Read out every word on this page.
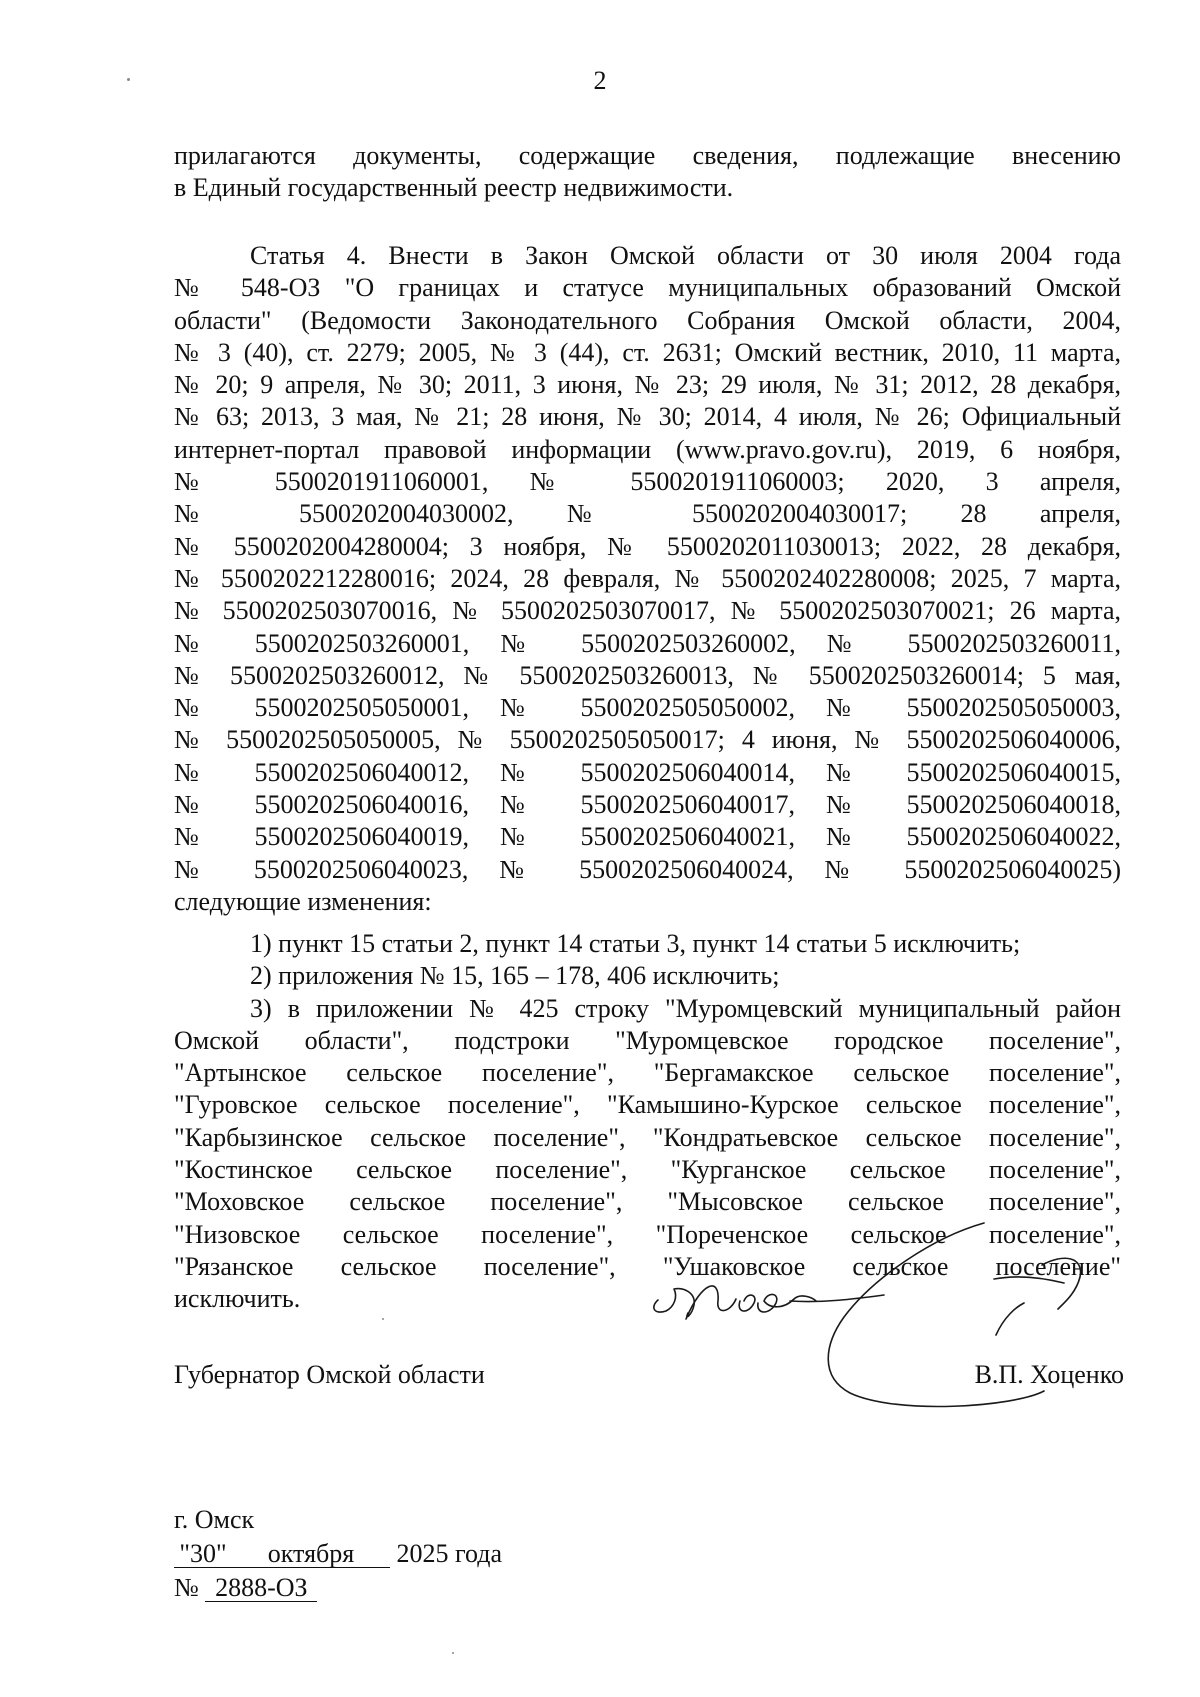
2
прилагаются документы, содержащие сведения, подлежащие внесению
в Единый государственный реестр недвижимости.
Статья 4. Внести в Закон Омской области от 30 июля 2004 года
№ 548-ОЗ "О границах и статусе муниципальных образований Омской
области" (Ведомости Законодательного Собрания Омской области, 2004,
№ 3 (40), ст. 2279; 2005, № 3 (44), ст. 2631; Омский вестник, 2010, 11 марта,
№ 20; 9 апреля, № 30; 2011, 3 июня, № 23; 29 июля, № 31; 2012, 28 декабря,
№ 63; 2013, 3 мая, № 21; 28 июня, № 30; 2014, 4 июля, № 26; Официальный
интернет-портал правовой информации (www.pravo.gov.ru), 2019, 6 ноября,
№ 5500201911060001, № 5500201911060003; 2020, 3 апреля,
№ 5500202004030002, № 5500202004030017; 28 апреля,
№ 5500202004280004; 3 ноября, № 5500202011030013; 2022, 28 декабря,
№ 5500202212280016; 2024, 28 февраля, № 5500202402280008; 2025, 7 марта,
№ 5500202503070016, № 5500202503070017, № 5500202503070021; 26 марта,
№ 5500202503260001, № 5500202503260002, № 5500202503260011,
№ 5500202503260012, № 5500202503260013, № 5500202503260014; 5 мая,
№ 5500202505050001, № 5500202505050002, № 5500202505050003,
№ 5500202505050005, № 5500202505050017; 4 июня, № 5500202506040006,
№ 5500202506040012, № 5500202506040014, № 5500202506040015,
№ 5500202506040016, № 5500202506040017, № 5500202506040018,
№ 5500202506040019, № 5500202506040021, № 5500202506040022,
№ 5500202506040023, № 5500202506040024, № 5500202506040025)
следующие изменения:
1) пункт 15 статьи 2, пункт 14 статьи 3, пункт 14 статьи 5 исключить;
2) приложения № 15, 165 – 178, 406 исключить;
3) в приложении № 425 строку "Муромцевский муниципальный район
Омской области", подстроки "Муромцевское городское поселение",
"Артынское сельское поселение", "Бергамакское сельское поселение",
"Гуровское сельское поселение", "Камышино-Курское сельское поселение",
"Карбызинское сельское поселение", "Кондратьевское сельское поселение",
"Костинское сельское поселение", "Курганское сельское поселение",
"Моховское сельское поселение", "Мысовское сельское поселение",
"Низовское сельское поселение", "Пореченское сельское поселение",
"Рязанское сельское поселение", "Ушаковское сельское поселение"
исключить.
Губернатор Омской области	В.П. Хоценко
г. Омск
"30" октября 2025 года
№ 2888-ОЗ
